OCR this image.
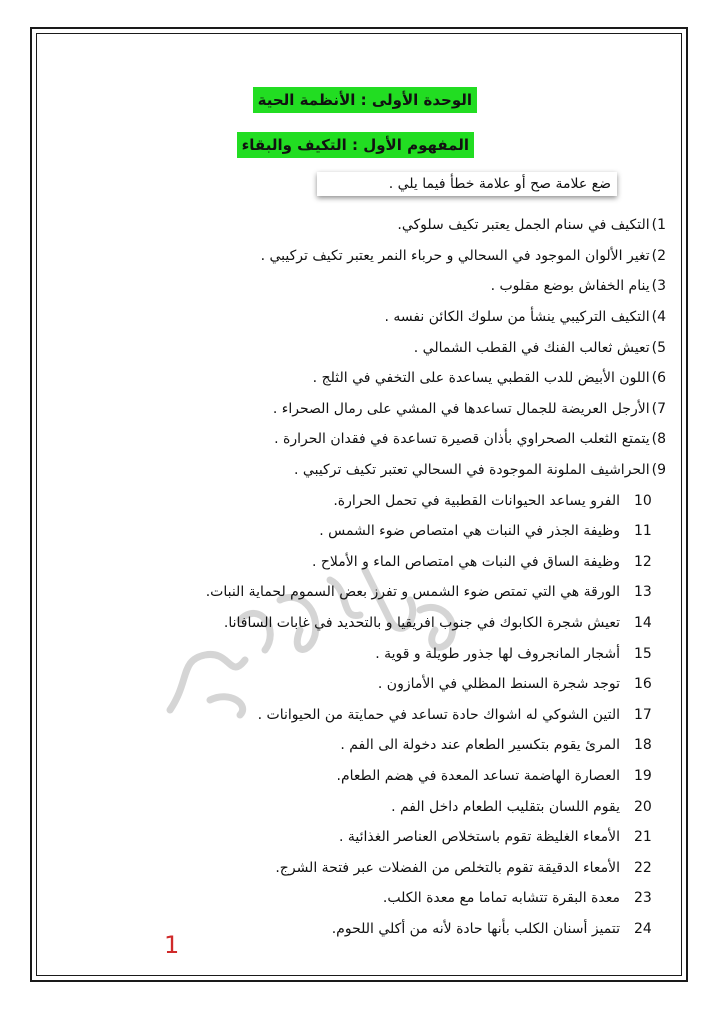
الوحدة الأولى : الأنظمة الحية
المفهوم الأول : التكيف والبقاء
ضع علامة صح أو علامة خطأ فيما يلي .
1)
التكيف في سنام الجمل يعتبر تكيف سلوكي.
2)
تغير الألوان الموجود في السحالي و حرباء النمر يعتبر تكيف تركيبي .
3)
ينام الخفاش بوضع مقلوب .
4)
التكيف التركيبي ينشأ من سلوك الكائن نفسه .
5)
تعيش ثعالب الفنك في القطب الشمالي .
6)
اللون الأبيض للدب القطبي يساعدة على التخفي في الثلج .
7)
الأرجل العريضة للجمال تساعدها في المشي على رمال الصحراء .
8)
يتمتع الثعلب الصحراوي بأذان قصيرة تساعدة في فقدان الحرارة .
9)
الحراشيف الملونة الموجودة في السحالي تعتبر تكيف تركيبي .
10
الفرو يساعد الحيوانات القطبية في تحمل الحرارة.
11
وظيفة الجذر في النبات هي امتصاص ضوء الشمس .
12
وظيفة الساق في النبات هي امتصاص الماء و الأملاح .
13
الورقة هي التي تمتص ضوء الشمس و تفرز بعض السموم لحماية النبات.
14
تعيش شجرة الكابوك في جنوب افريقيا و بالتحديد في غابات السافانا.
15
أشجار المانجروف لها جذور طويلة و قوية .
16
توجد شجرة السنط المظلي في الأمازون .
17
التين الشوكي له اشواك حادة تساعد في حمايتة من الحيوانات .
18
المرئ يقوم بتكسير الطعام عند دخولة الى الفم .
19
العصارة الهاضمة تساعد المعدة في هضم الطعام.
20
يقوم اللسان بتقليب الطعام داخل الفم .
21
الأمعاء الغليظة تقوم باستخلاص العناصر الغذائية .
22
الأمعاء الدقيقة تقوم بالتخلص من الفضلات عبر فتحة الشرج.
23
معدة البقرة تتشابه تماما مع معدة الكلب.
24
تتميز أسنان الكلب بأنها حادة لأنه من أكلي اللحوم.
1
